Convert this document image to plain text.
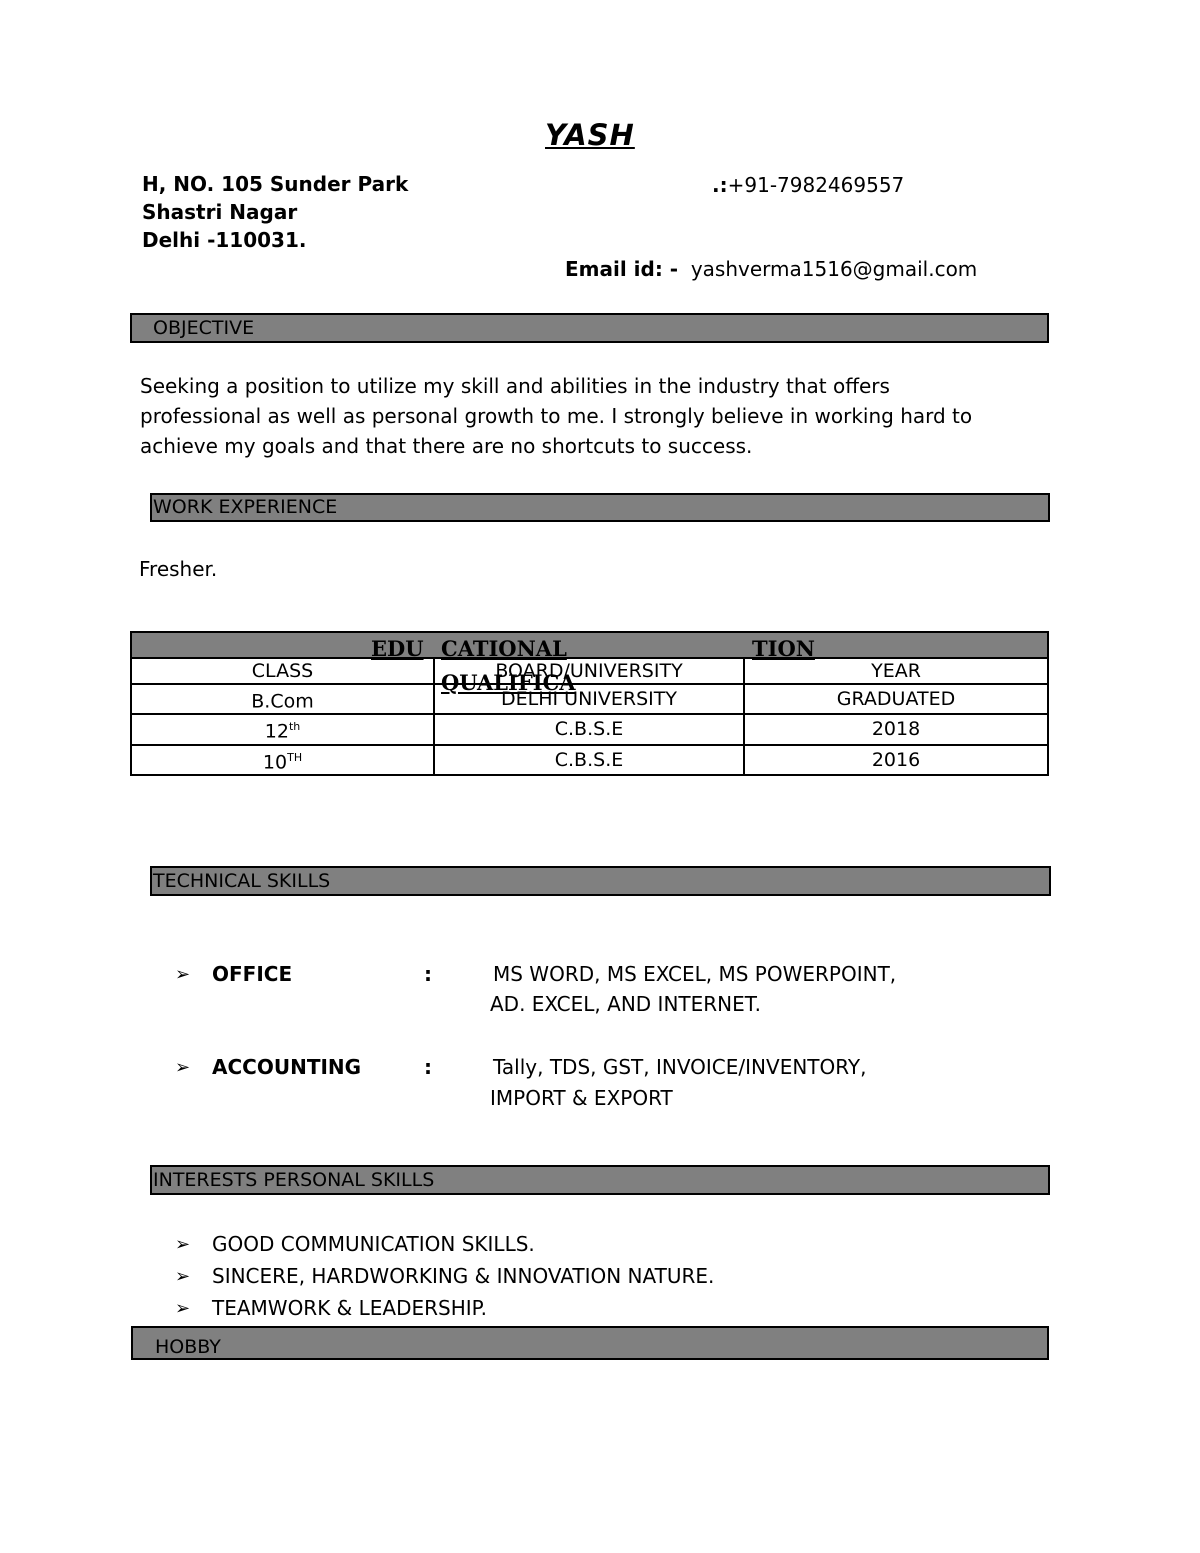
YASH
H, NO. 105 Sunder Park
Shastri Nagar
Delhi -110031.
.:+91-7982469557
Email id: - yashverma1516@gmail.com
OBJECTIVE
Seeking a position to utilize my skill and abilities in the industry that offers
professional as well as personal growth to me. I strongly believe in working hard to
achieve my goals and that there are no shortcuts to success.
WORK EXPERIENCE
Fresher.
EDU CATIONAL TION
QUALIFICA		

CLASS	BOARD/UNIVERSITY	YEAR
B.Com	DELHI UNIVERSITY	GRADUATED
12th	C.B.S.E	2018
10TH	C.B.S.E	2016
TECHNICAL SKILLS
➢ OFFICE	:	MS WORD, MS EXCEL, MS POWERPOINT,
AD. EXCEL, AND INTERNET.
➢ ACCOUNTING	:	Tally, TDS, GST, INVOICE/INVENTORY,
IMPORT & EXPORT
INTERESTS PERSONAL SKILLS
➢ GOOD COMMUNICATION SKILLS.
➢ SINCERE, HARDWORKING & INNOVATION NATURE.
➢ TEAMWORK & LEADERSHIP.
HOBBY
